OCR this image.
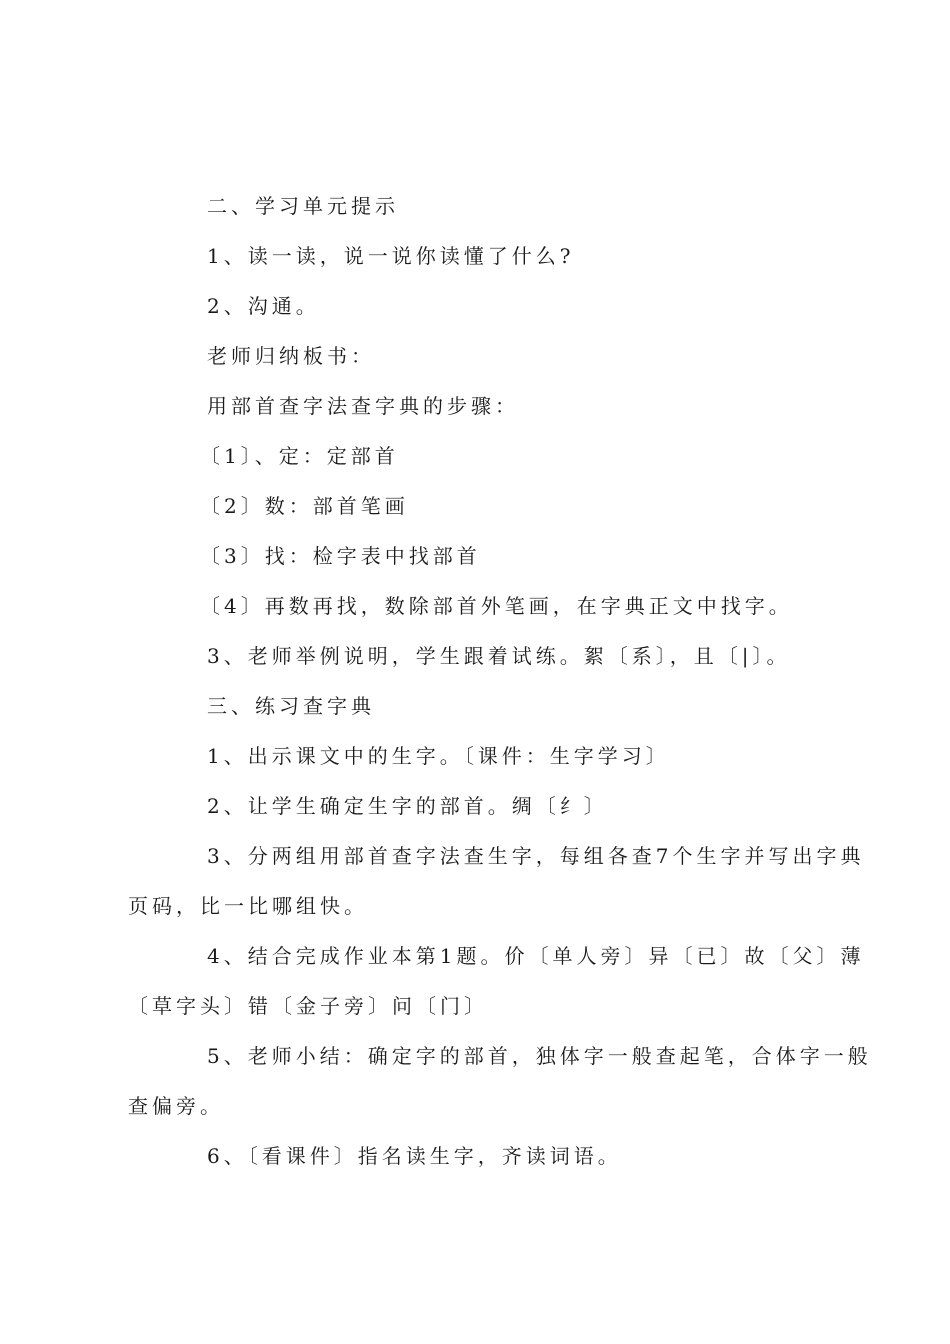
二、学习单元提示
1、读一读，说一说你读懂了什么?
2、沟通。
老师归纳板书：
用部首查字法查字典的步骤：
〔1〕、定：定部首
〔2〕数：部首笔画
〔3〕找：检字表中找部首
〔4〕再数再找，数除部首外笔画，在字典正文中找字。
3、老师举例说明，学生跟着试练。絮〔系〕，且〔|〕。
三、练习查字典
1、出示课文中的生字。〔课件：生字学习〕
2、让学生确定生字的部首。绸〔纟〕
3、分两组用部首查字法查生字，每组各查7个生字并写出字典
页码，比一比哪组快。
4、结合完成作业本第1题。价〔单人旁〕异〔已〕故〔父〕薄
〔草字头〕错〔金子旁〕问〔门〕
5、老师小结：确定字的部首，独体字一般查起笔，合体字一般
查偏旁。
6、〔看课件〕指名读生字，齐读词语。
